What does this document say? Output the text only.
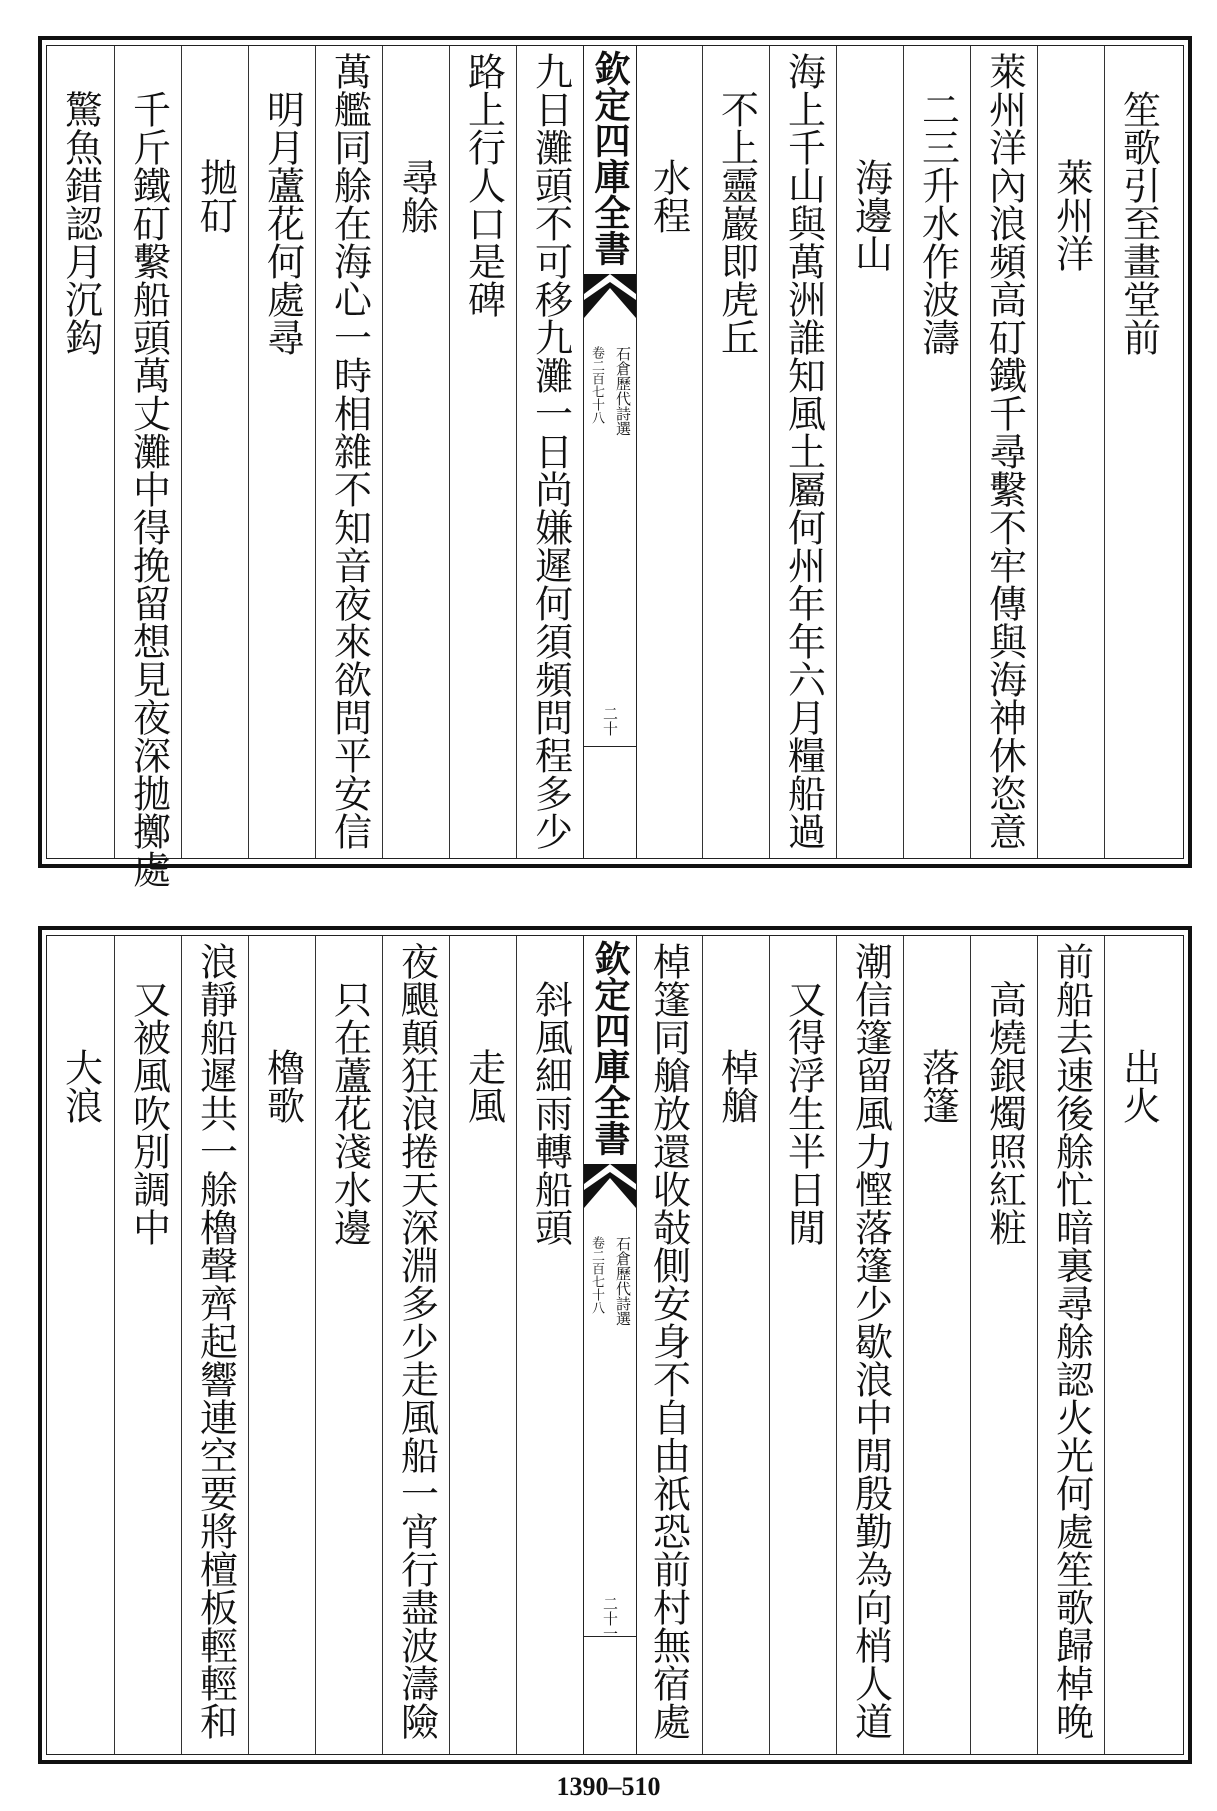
驚魚錯認月沉鈎 千斤鐵矴繫船頭萬丈灘中得挽留想見夜深拋擲處 拋矴 明月蘆花何處尋 萬艦同艅在海心一時相雜不知音夜來欲問平安信 尋艅 路上行人口是碑 九日灘頭不可移九灘一日尚嫌遲何須頻問程多少 欽定四庫全書
石倉歷代詩選
卷二百七十八
二十
水程 不上靈巖即虎丘 海上千山與萬洲誰知風土屬何州年年六月糧船過 海邊山 二三升水作波濤 萊州洋內浪頻高矴鐵千尋繫不牢傳與海神休恣意 萊州洋 笙歌引至畫堂前
大浪 又被風吹別調中 浪靜船遲共一艅櫓聲齊起響連空要將檀板輕輕和 櫓歌 只在蘆花淺水邊 夜颶顛狂浪捲天深淵多少走風船一宵行盡波濤險 走風 斜風細雨轉船頭 欽定四庫全書
石倉歷代詩選
卷二百七十八
二十一 棹篷同艙放還收敧側安身不自由祇恐前村無宿處 棹艙 又得浮生半日閒 潮信篷留風力慳落篷少歇浪中閒殷勤為向梢人道 落篷 高燒銀燭照紅粧 前船去速後艅忙暗裏尋艅認火光何處笙歌歸棹晚 出火
1390–510
